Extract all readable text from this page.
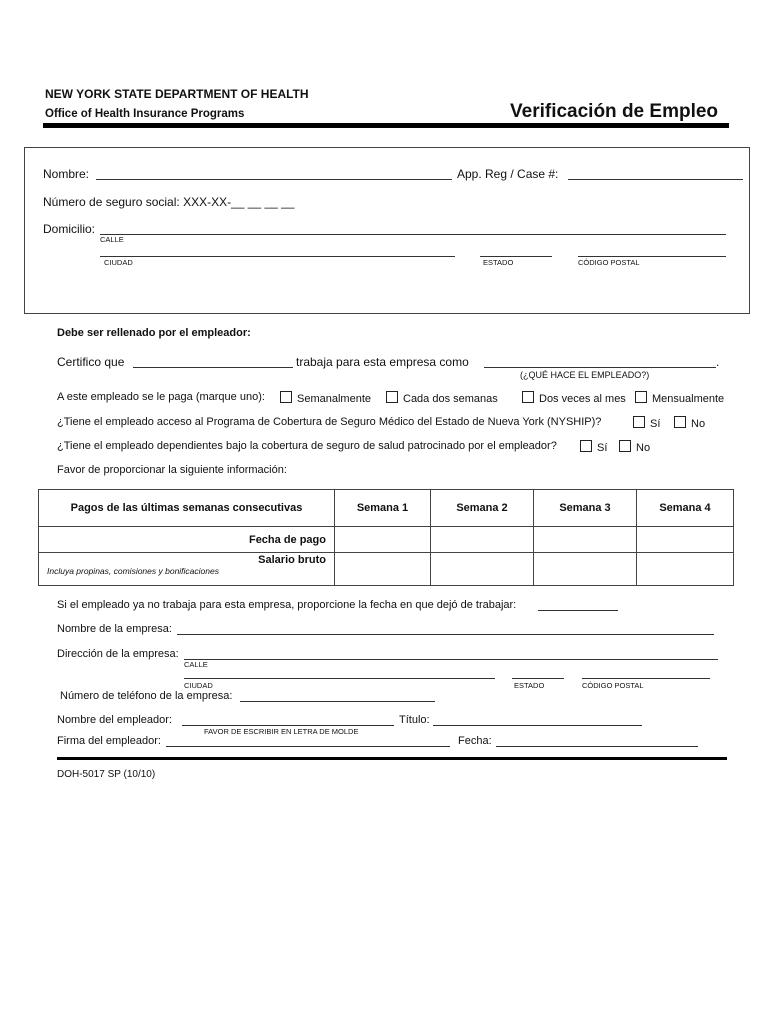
NEW YORK STATE DEPARTMENT OF HEALTH
Office of Health Insurance Programs	Verificación de Empleo
Nombre:	App. Reg / Case #:
Número de seguro social: XXX-XX-__ __ __ __
Domicilio:
CALLE
CIUDAD	ESTADO	CÓDIGO POSTAL
Debe ser rellenado por el empleador:
Certifico que	trabaja para esta empresa como	.
(¿QUÉ HACE EL EMPLEADO?)
A este empleado se le paga (marque uno):	Semanalmente	Cada dos semanas	Dos veces al mes	Mensualmente
¿Tiene el empleado acceso al Programa de Cobertura de Seguro Médico del Estado de Nueva York (NYSHIP)?	Sí	No
¿Tiene el empleado dependientes bajo la cobertura de seguro de salud patrocinado por el empleador?	Sí	No
Favor de proporcionar la siguiente información:
Pagos de las últimas semanas consecutivas	Semana 1	Semana 2	Semana 3	Semana 4
Fecha de pago				

Salario bruto
Incluya propinas, comisiones y bonificaciones				

Si el empleado ya no trabaja para esta empresa, proporcione la fecha en que dejó de trabajar:
Nombre de la empresa:
Dirección de la empresa:
CALLE
CIUDAD	ESTADO	CÓDIGO POSTAL
Número de teléfono de la empresa:
Nombre del empleador:
FAVOR DE ESCRIBIR EN LETRA DE MOLDE
Título:
Firma del empleador:	Fecha:
DOH-5017 SP (10/10)
